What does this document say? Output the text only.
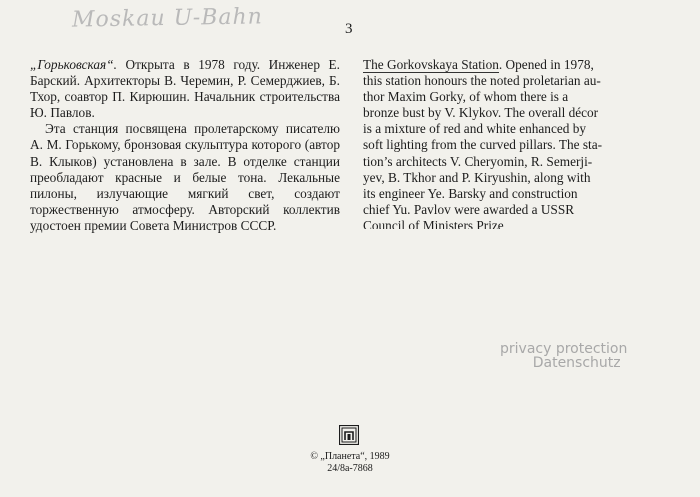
Moskau U-Bahn	3

„Горьковская“. Открыта в 1978 году. Инженер Е. Барский. Архитекторы В. Черемин, Р. Семерджиев, Б. Тхор, соавтор П. Кирюшин. Начальник строительства Ю. Павлов.

Эта станция посвящена пролетарскому писателю А. М. Горькому, бронзовая скульптура которого (автор В. Клыков) установлена в зале. В отделке станции преобладают красные и белые тона. Лекальные пилоны, излучающие мягкий свет, создают торжественную атмосферу. Авторский коллектив удостоен премии Совета Министров СССР.

The Gorkovskaya Station. Opened in 1978,
this station honours the noted proletarian au-
thor Maxim Gorky, of whom there is a
bronze bust by V. Klykov. The overall décor
is a mixture of red and white enhanced by
soft lighting from the curved pillars. The sta-
tion’s architects V. Cheryomin, R. Semerji-
yev, B. Tkhor and P. Kiryushin, along with
its engineer Ye. Barsky and construction
chief Yu. Pavlov were awarded a USSR
Council of Ministers Prize
privacy protection
Datenschutz
© „Планета“, 1989
24/8а-7868
